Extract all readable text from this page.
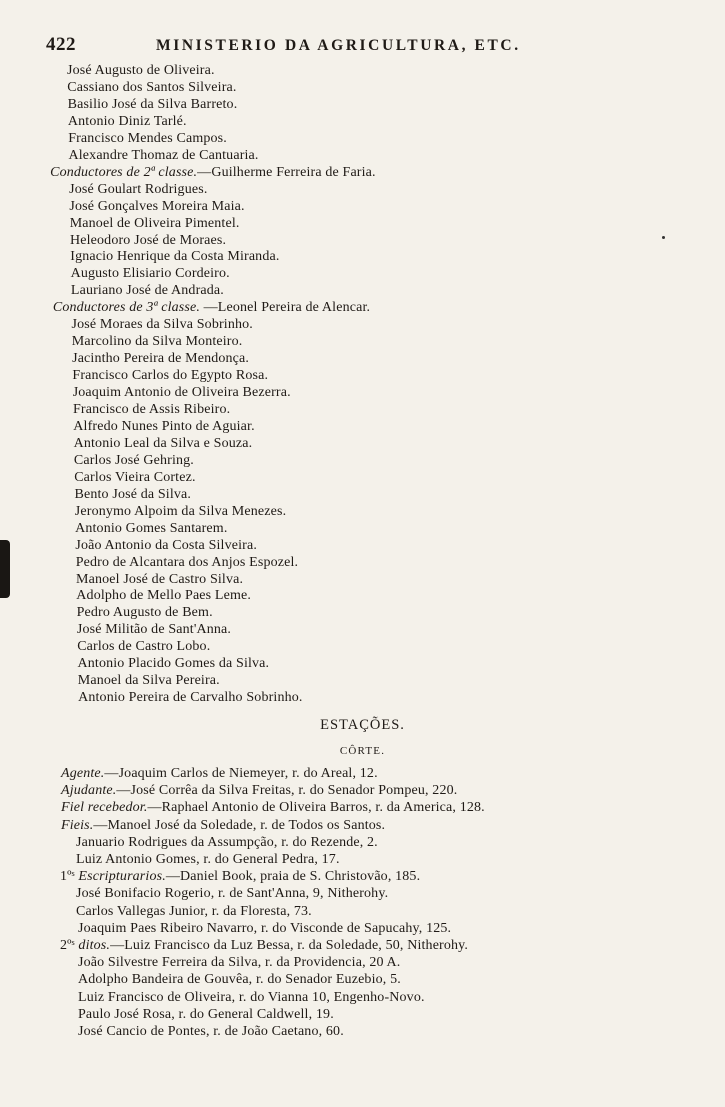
422	MINISTERIO DA AGRICULTURA, ETC.
José Augusto de Oliveira.
Cassiano dos Santos Silveira.
Basilio José da Silva Barreto.
Antonio Diniz Tarlé.
Francisco Mendes Campos.
Alexandre Thomaz de Cantuaria.
Conductores de 2ª classe.—Guilherme Ferreira de Faria.
José Goulart Rodrigues.
José Gonçalves Moreira Maia.
Manoel de Oliveira Pimentel.
Heleodoro José de Moraes.
Ignacio Henrique da Costa Miranda.
Augusto Elisiario Cordeiro.
Lauriano José de Andrada.
Conductores de 3ª classe. —Leonel Pereira de Alencar.
José Moraes da Silva Sobrinho.
Marcolino da Silva Monteiro.
Jacintho Pereira de Mendonça.
Francisco Carlos do Egypto Rosa.
Joaquim Antonio de Oliveira Bezerra.
Francisco de Assis Ribeiro.
Alfredo Nunes Pinto de Aguiar.
Antonio Leal da Silva e Souza.
Carlos José Gehring.
Carlos Vieira Cortez.
Bento José da Silva.
Jeronymo Alpoim da Silva Menezes.
Antonio Gomes Santarem.
João Antonio da Costa Silveira.
Pedro de Alcantara dos Anjos Espozel.
Manoel José de Castro Silva.
Adolpho de Mello Paes Leme.
Pedro Augusto de Bem.
José Militão de Sant'Anna.
Carlos de Castro Lobo.
Antonio Placido Gomes da Silva.
Manoel da Silva Pereira.
Antonio Pereira de Carvalho Sobrinho.
ESTAÇÕES.
CÔRTE.
Agente.—Joaquim Carlos de Niemeyer, r. do Areal, 12.
Ajudante.—José Corrêa da Silva Freitas, r. do Senador Pompeu, 220.
Fiel recebedor.—Raphael Antonio de Oliveira Barros, r. da America, 128.
Fieis.—Manoel José da Soledade, r. de Todos os Santos.
Januario Rodrigues da Assumpção, r. do Rezende, 2.
Luiz Antonio Gomes, r. do General Pedra, 17.
1ºˢ Escripturarios.—Daniel Book, praia de S. Christovão, 185.
José Bonifacio Rogerio, r. de Sant'Anna, 9, Nitherohy.
Carlos Vallegas Junior, r. da Floresta, 73.
Joaquim Paes Ribeiro Navarro, r. do Visconde de Sapucahy, 125.
2ºˢ ditos.—Luiz Francisco da Luz Bessa, r. da Soledade, 50, Nitherohy.
João Silvestre Ferreira da Silva, r. da Providencia, 20 A.
Adolpho Bandeira de Gouvêa, r. do Senador Euzebio, 5.
Luiz Francisco de Oliveira, r. do Vianna 10, Engenho-Novo.
Paulo José Rosa, r. do General Caldwell, 19.
José Cancio de Pontes, r. de João Caetano, 60.
